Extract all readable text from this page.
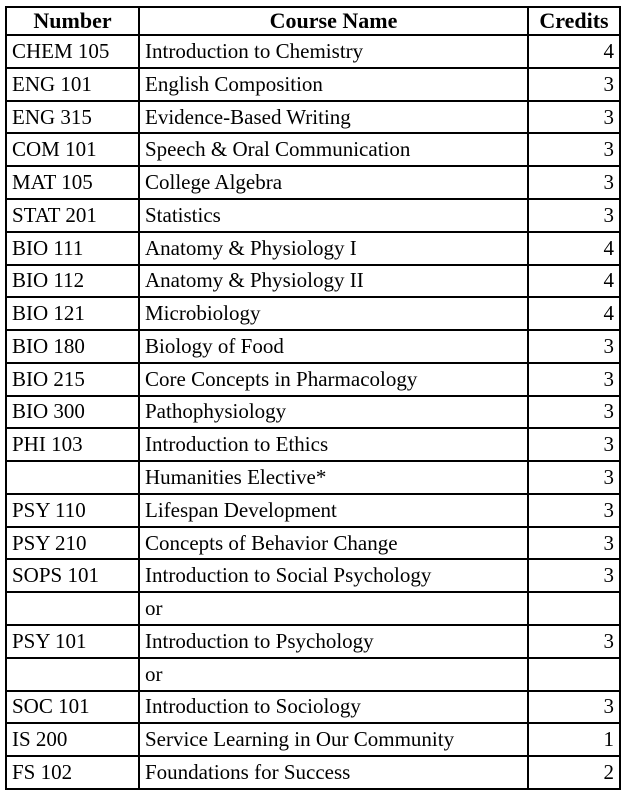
Number	Course Name	Credits
CHEM 105	Introduction to Chemistry	4
ENG 101	English Composition	3
ENG 315	Evidence-Based Writing	3
COM 101	Speech & Oral Communication	3
MAT 105	College Algebra	3
STAT 201	Statistics	3
BIO 111	Anatomy & Physiology I	4
BIO 112	Anatomy & Physiology II	4
BIO 121	Microbiology	4
BIO 180	Biology of Food	3
BIO 215	Core Concepts in Pharmacology	3
BIO 300	Pathophysiology	3
PHI 103	Introduction to Ethics	3
	Humanities Elective*	3
PSY 110	Lifespan Development	3
PSY 210	Concepts of Behavior Change	3
SOPS 101	Introduction to Social Psychology	3
	or	
PSY 101	Introduction to Psychology	3
	or	
SOC 101	Introduction to Sociology	3
IS 200	Service Learning in Our Community	1
FS 102	Foundations for Success	2
